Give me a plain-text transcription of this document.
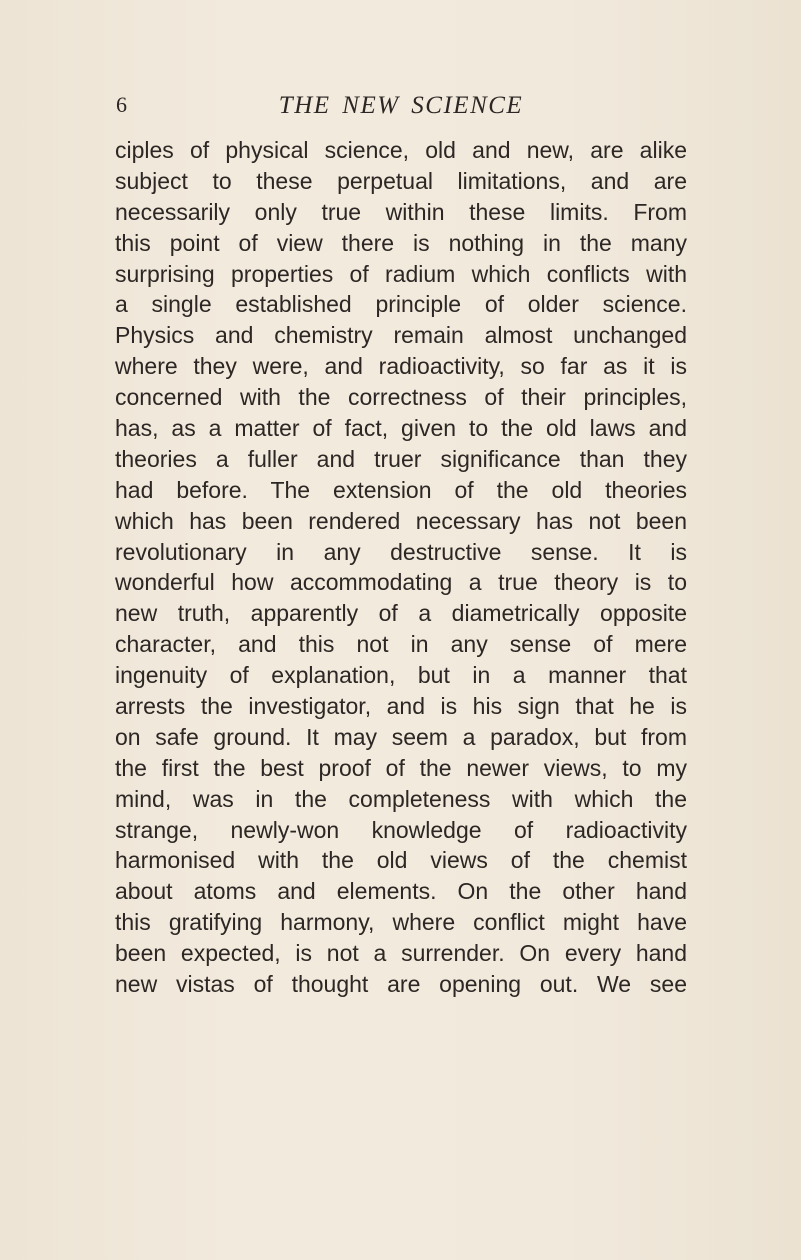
6	THE NEW SCIENCE
ciples of physical science, old and new, are alike
subject to these perpetual limitations, and are
necessarily only true within these limits. From
this point of view there is nothing in the many
surprising properties of radium which conflicts with
a single established principle of older science.
Physics and chemistry remain almost unchanged
where they were, and radioactivity, so far as it is
concerned with the correctness of their principles,
has, as a matter of fact, given to the old laws and
theories a fuller and truer significance than they
had before. The extension of the old theories
which has been rendered necessary has not been
revolutionary in any destructive sense. It is
wonderful how accommodating a true theory is to
new truth, apparently of a diametrically opposite
character, and this not in any sense of mere
ingenuity of explanation, but in a manner that
arrests the investigator, and is his sign that he is
on safe ground. It may seem a paradox, but from
the first the best proof of the newer views, to my
mind, was in the completeness with which the
strange, newly-won knowledge of radioactivity
harmonised with the old views of the chemist
about atoms and elements. On the other hand
this gratifying harmony, where conflict might have
been expected, is not a surrender. On every hand
new vistas of thought are opening out. We see
